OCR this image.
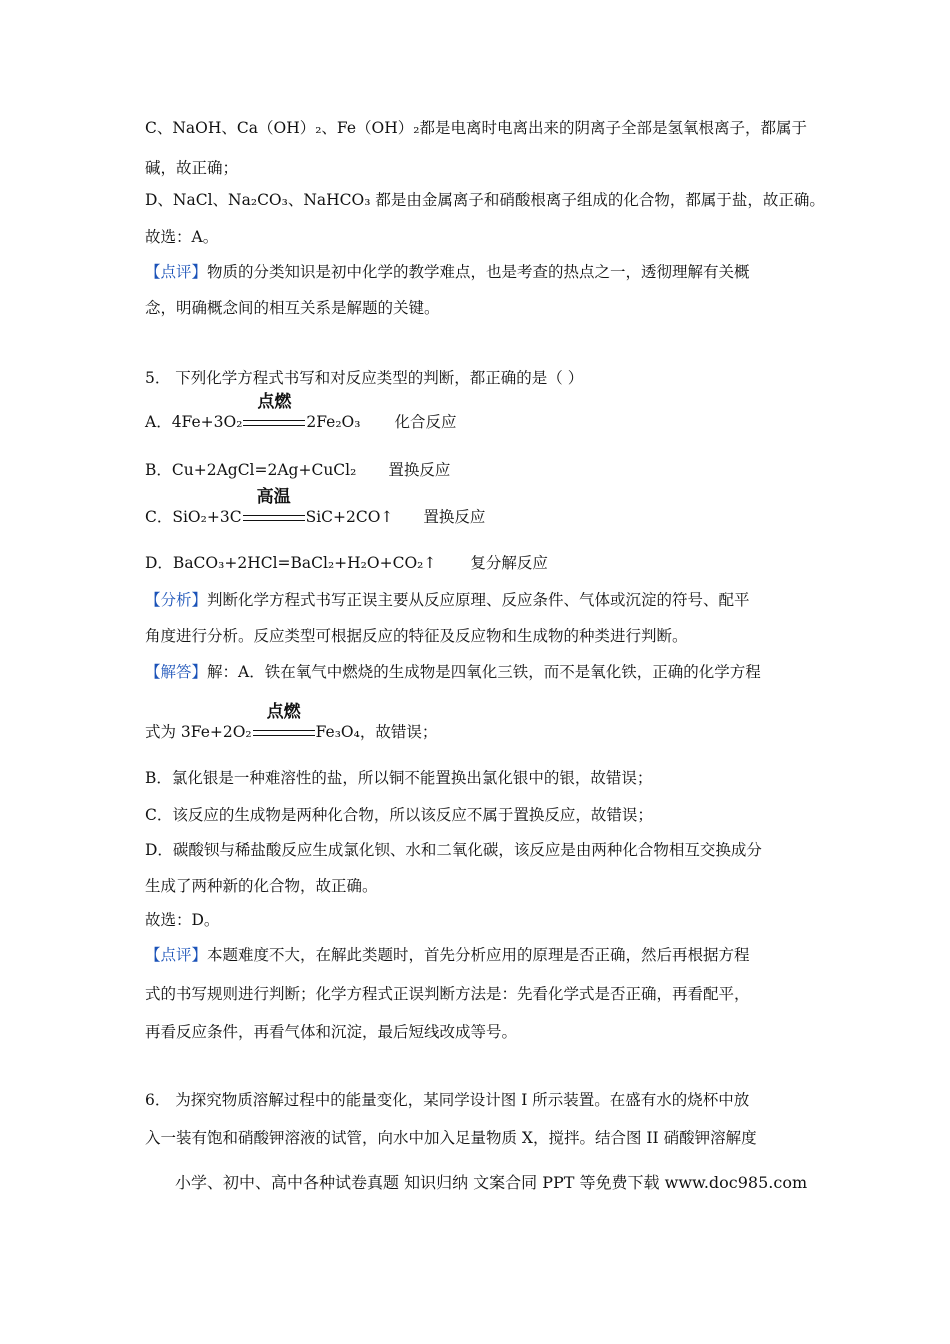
C、NaOH、Ca（OH）₂、Fe（OH）₂都是电离时电离出来的阴离子全部是氢氧根离子，都属于
碱，故正确；
D、NaCl、Na₂CO₃、NaHCO₃ 都是由金属离子和硝酸根离子组成的化合物，都属于盐，故正确。
故选：A。
【点评】物质的分类知识是初中化学的教学难点，也是考查的热点之一，透彻理解有关概
念，明确概念间的相互关系是解题的关键。
5． 下列化学方程式书写和对反应类型的判断，都正确的是（ ）
A．4Fe+3O₂
点燃
2Fe₂O₃ 化合反应
B．Cu+2AgCl=2Ag+CuCl₂ 置换反应
C．SiO₂+3C
高温
SiC+2CO↑ 置换反应
D．BaCO₃+2HCl=BaCl₂+H₂O+CO₂↑ 复分解反应
【分析】判断化学方程式书写正误主要从反应原理、反应条件、气体或沉淀的符号、配平
角度进行分析。反应类型可根据反应的特征及反应物和生成物的种类进行判断。
【解答】解：A．铁在氧气中燃烧的生成物是四氧化三铁，而不是氧化铁，正确的化学方程
式为 3Fe+2O₂
点燃
Fe₃O₄，故错误；
B．氯化银是一种难溶性的盐，所以铜不能置换出氯化银中的银，故错误；
C．该反应的生成物是两种化合物，所以该反应不属于置换反应，故错误；
D．碳酸钡与稀盐酸反应生成氯化钡、水和二氧化碳，该反应是由两种化合物相互交换成分
生成了两种新的化合物，故正确。
故选：D。
【点评】本题难度不大，在解此类题时，首先分析应用的原理是否正确，然后再根据方程
式的书写规则进行判断；化学方程式正误判断方法是：先看化学式是否正确，再看配平，
再看反应条件，再看气体和沉淀，最后短线改成等号。
6． 为探究物质溶解过程中的能量变化，某同学设计图 I 所示装置。在盛有水的烧杯中放
入一装有饱和硝酸钾溶液的试管，向水中加入足量物质 X，搅拌。结合图 II 硝酸钾溶解度
小学、初中、高中各种试卷真题 知识归纳 文案合同 PPT 等免费下载 www.doc985.com
